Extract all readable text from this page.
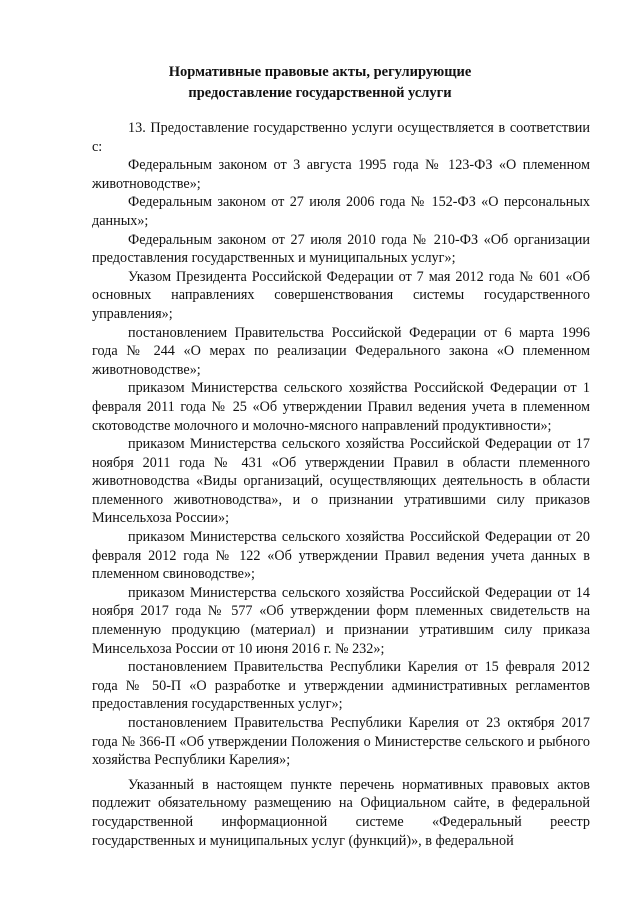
Нормативные правовые акты, регулирующие
предоставление государственной услуги

13. Предоставление государственно услуги осуществляется в соответствии с:

Федеральным законом от 3 августа 1995 года № 123-ФЗ «О племенном животноводстве»;

Федеральным законом от 27 июля 2006 года № 152-ФЗ «О персональных данных»;

Федеральным законом от 27 июля 2010 года № 210-ФЗ «Об организации предоставления государственных и муниципальных услуг»;

Указом Президента Российской Федерации от 7 мая 2012 года № 601 «Об основных направлениях совершенствования системы государственного управления»;

постановлением Правительства Российской Федерации от 6 марта 1996 года № 244 «О мерах по реализации Федерального закона «О племенном животноводстве»;

приказом Министерства сельского хозяйства Российской Федерации от 1 февраля 2011 года № 25 «Об утверждении Правил ведения учета в племенном скотоводстве молочного и молочно-мясного направлений продуктивности»;

приказом Министерства сельского хозяйства Российской Федерации от 17 ноября 2011 года № 431 «Об утверждении Правил в области племенного животноводства «Виды организаций, осуществляющих деятельность в области племенного животноводства», и о признании утратившими силу приказов Минсельхоза России»;

приказом Министерства сельского хозяйства Российской Федерации от 20 февраля 2012 года № 122 «Об утверждении Правил ведения учета данных в племенном свиноводстве»;

приказом Министерства сельского хозяйства Российской Федерации от 14 ноября 2017 года № 577 «Об утверждении форм племенных свидетельств на племенную продукцию (материал) и признании утратившим силу приказа Минсельхоза России от 10 июня 2016 г. № 232»;

постановлением Правительства Республики Карелия от 15 февраля 2012 года № 50-П «О разработке и утверждении административных регламентов предоставления государственных услуг»;

постановлением Правительства Республики Карелия от 23 октября 2017 года № 366-П «Об утверждении Положения о Министерстве сельского и рыбного хозяйства Республики Карелия»;

Указанный в настоящем пункте перечень нормативных правовых актов подлежит обязательному размещению на Официальном сайте, в федеральной государственной информационной системе «Федеральный реестр государственных и муниципальных услуг (функций)», в федеральной
